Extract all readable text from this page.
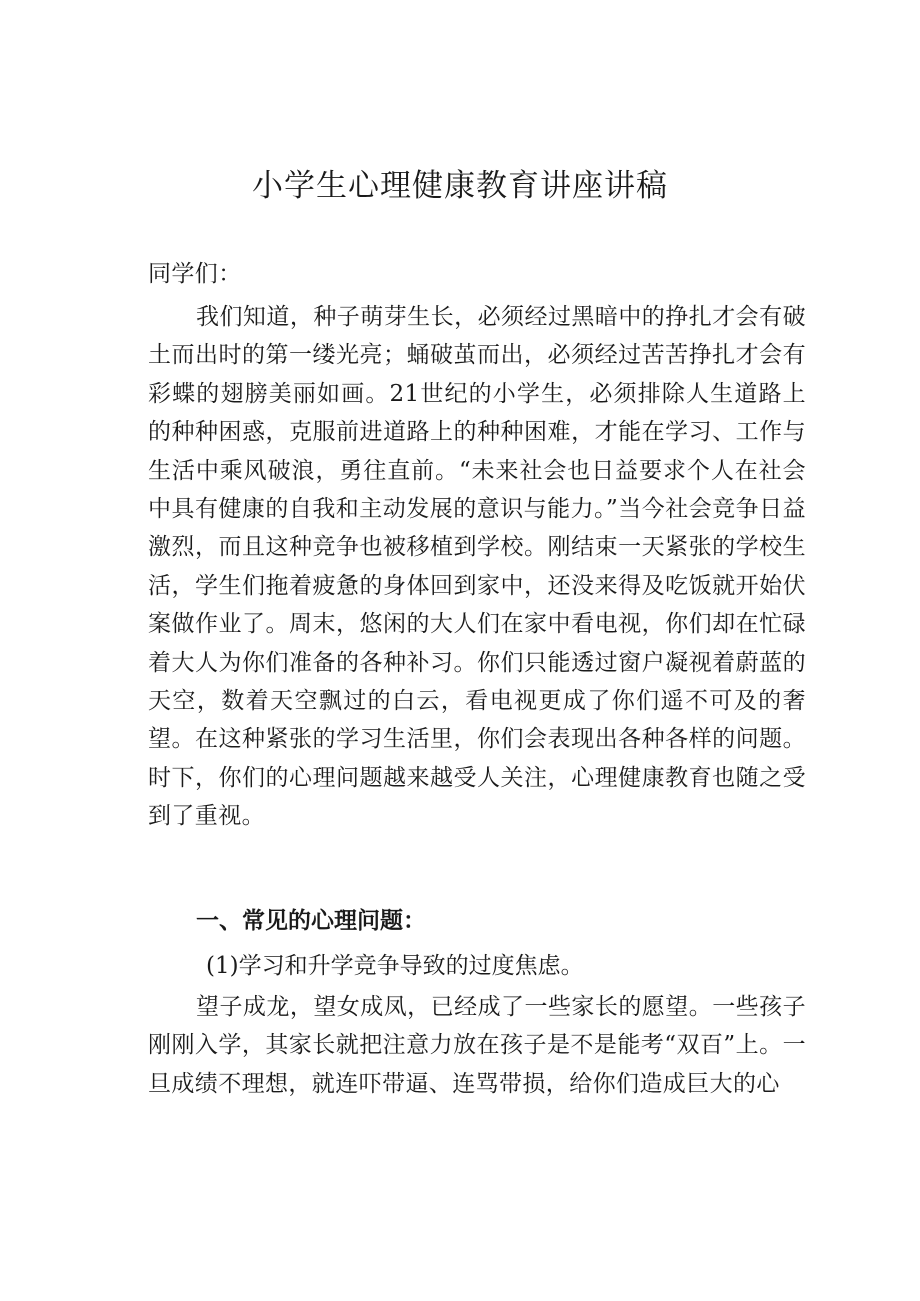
小学生心理健康教育讲座讲稿

同学们：

我们知道，种子萌芽生长，必须经过黑暗中的挣扎才会有破土而出时的第一缕光亮；蛹破茧而出，必须经过苦苦挣扎才会有彩蝶的翅膀美丽如画。21世纪的小学生，必须排除人生道路上的种种困惑，克服前进道路上的种种困难，才能在学习、工作与生活中乘风破浪，勇往直前。“未来社会也日益要求个人在社会中具有健康的自我和主动发展的意识与能力。”当今社会竞争日益激烈，而且这种竞争也被移植到学校。刚结束一天紧张的学校生活，学生们拖着疲惫的身体回到家中，还没来得及吃饭就开始伏案做作业了。周末，悠闲的大人们在家中看电视，你们却在忙碌着大人为你们准备的各种补习。你们只能透过窗户凝视着蔚蓝的天空，数着天空飘过的白云，看电视更成了你们遥不可及的奢望。在这种紧张的学习生活里，你们会表现出各种各样的问题。时下，你们的心理问题越来越受人关注，心理健康教育也随之受到了重视。

一、常见的心理问题：

(1)学习和升学竞争导致的过度焦虑。

望子成龙，望女成凤，已经成了一些家长的愿望。一些孩子刚刚入学，其家长就把注意力放在孩子是不是能考“双百”上。一旦成绩不理想，就连吓带逼、连骂带损，给你们造成巨大的心
